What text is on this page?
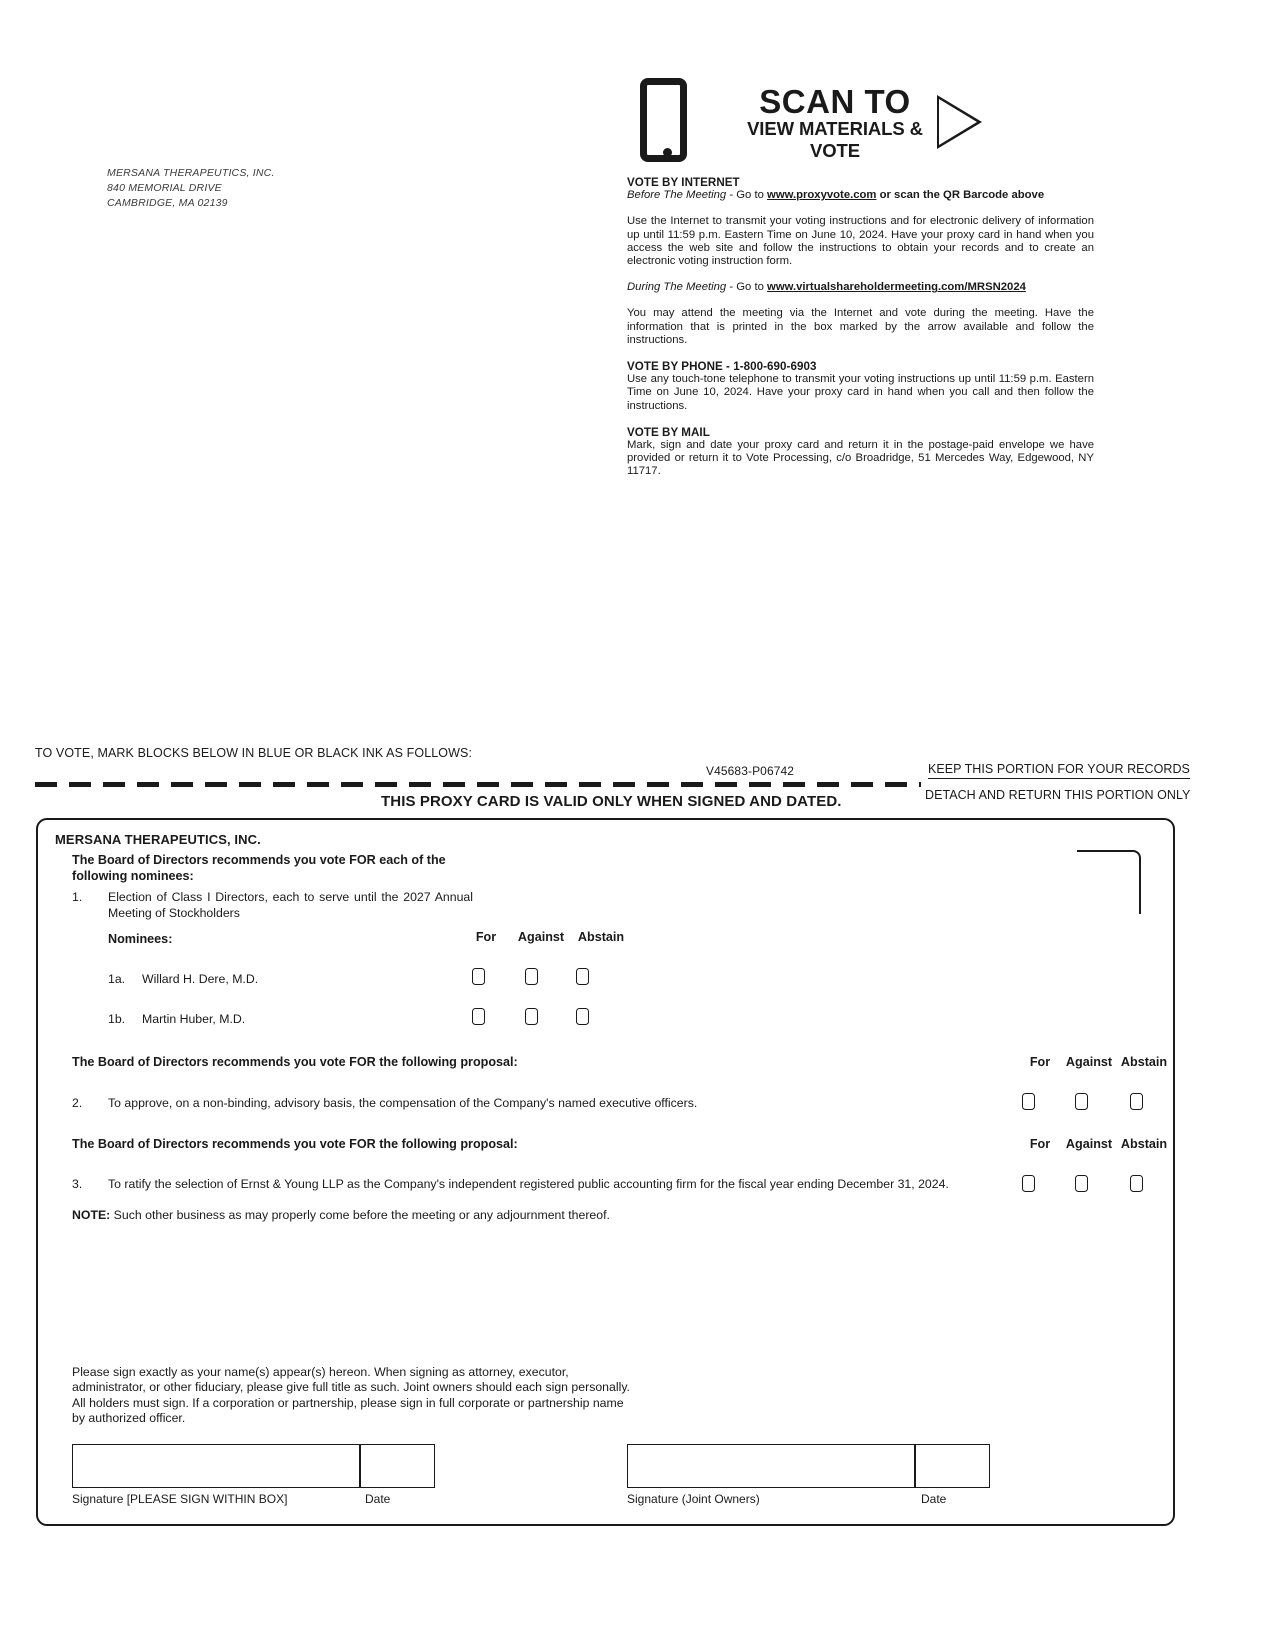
MERSANA THERAPEUTICS, INC.
840 MEMORIAL DRIVE
CAMBRIDGE, MA 02139
SCAN TO
VIEW MATERIALS & VOTE

VOTE BY INTERNET

Before The Meeting - Go to www.proxyvote.com or scan the QR Barcode above

Use the Internet to transmit your voting instructions and for electronic delivery of information up until 11:59 p.m. Eastern Time on June 10, 2024. Have your proxy card in hand when you access the web site and follow the instructions to obtain your records and to create an electronic voting instruction form.

During The Meeting - Go to www.virtualshareholdermeeting.com/MRSN2024

You may attend the meeting via the Internet and vote during the meeting. Have the information that is printed in the box marked by the arrow available and follow the instructions.

VOTE BY PHONE - 1-800-690-6903

Use any touch-tone telephone to transmit your voting instructions up until 11:59 p.m. Eastern Time on June 10, 2024. Have your proxy card in hand when you call and then follow the instructions.

VOTE BY MAIL

Mark, sign and date your proxy card and return it in the postage-paid envelope we have provided or return it to Vote Processing, c/o Broadridge, 51 Mercedes Way, Edgewood, NY 11717.

TO VOTE, MARK BLOCKS BELOW IN BLUE OR BLACK INK AS FOLLOWS:
V45683-P06742	KEEP THIS PORTION FOR YOUR RECORDS
DETACH AND RETURN THIS PORTION ONLY
THIS PROXY CARD IS VALID ONLY WHEN SIGNED AND DATED.
MERSANA THERAPEUTICS, INC.
The Board of Directors recommends you vote FOR each of the following nominees:
1. Election of Class I Directors, each to serve until the 2027 Annual Meeting of Stockholders
Nominees:	For Against Abstain
1a.	Willard H. Dere, M.D.
1b.	Martin Huber, M.D.
The Board of Directors recommends you vote FOR the following proposal:	For Against Abstain
2. To approve, on a non-binding, advisory basis, the compensation of the Company's named executive officers.
The Board of Directors recommends you vote FOR the following proposal:	For Against Abstain
3. To ratify the selection of Ernst & Young LLP as the Company's independent registered public accounting firm for the fiscal year ending December 31, 2024.
NOTE: Such other business as may properly come before the meeting or any adjournment thereof.
Please sign exactly as your name(s) appear(s) hereon. When signing as attorney, executor, administrator, or other fiduciary, please give full title as such. Joint owners should each sign personally. All holders must sign. If a corporation or partnership, please sign in full corporate or partnership name by authorized officer.
Signature [PLEASE SIGN WITHIN BOX]	Date	Signature (Joint Owners)	Date
